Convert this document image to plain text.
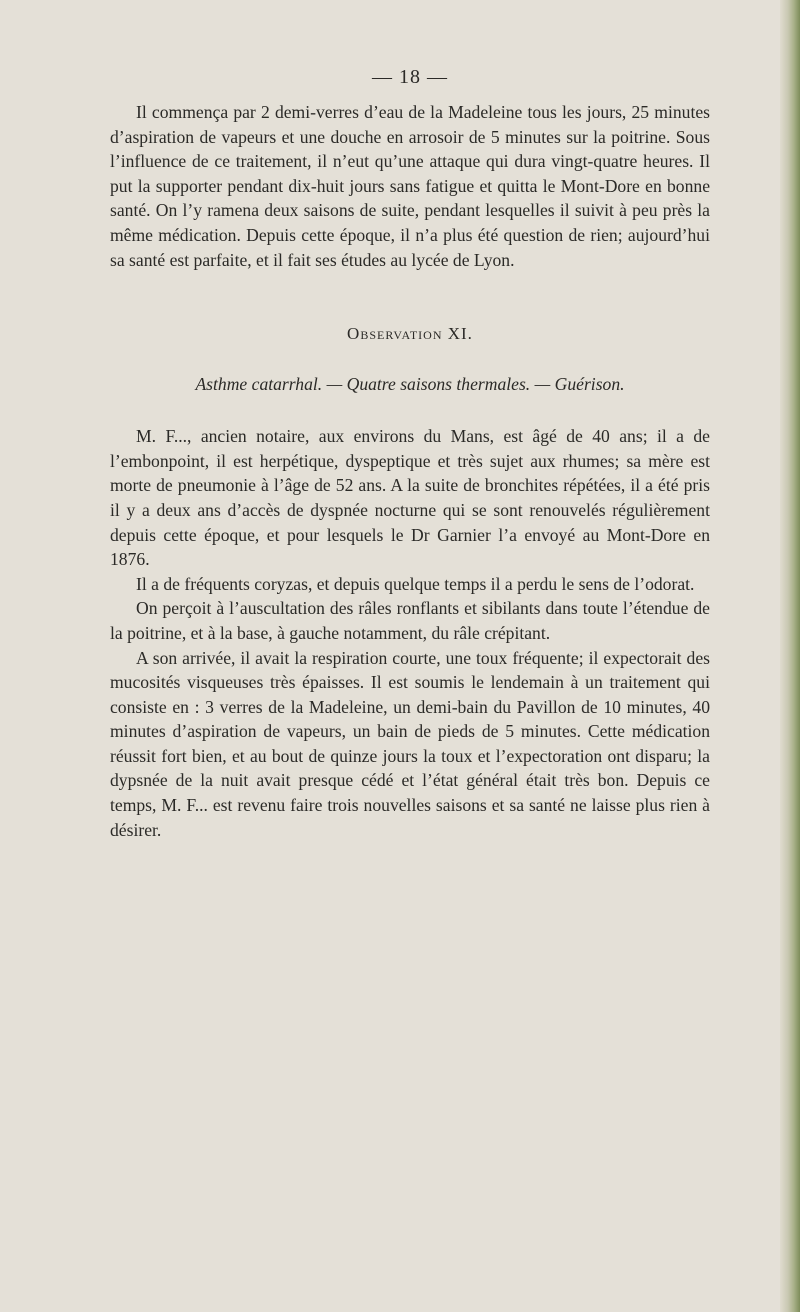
— 18 —

Il commença par 2 demi-verres d’eau de la Madeleine tous les jours, 25 minutes d’aspiration de vapeurs et une douche en arrosoir de 5 minutes sur la poitrine. Sous l’influence de ce traitement, il n’eut qu’une attaque qui dura vingt-quatre heures. Il put la supporter pendant dix-huit jours sans fatigue et quitta le Mont-Dore en bonne santé. On l’y ramena deux saisons de suite, pendant lesquelles il suivit à peu près la même médication. Depuis cette époque, il n’a plus été question de rien; aujourd’hui sa santé est parfaite, et il fait ses études au lycée de Lyon.

Observation XI.
Asthme catarrhal. — Quatre saisons thermales. — Guérison.

M. F..., ancien notaire, aux environs du Mans, est âgé de 40 ans; il a de l’embonpoint, il est herpétique, dyspeptique et très sujet aux rhumes; sa mère est morte de pneumonie à l’âge de 52 ans. A la suite de bronchites répétées, il a été pris il y a deux ans d’accès de dyspnée nocturne qui se sont renouvelés régulièrement depuis cette époque, et pour lesquels le Dr Garnier l’a envoyé au Mont-Dore en 1876.

Il a de fréquents coryzas, et depuis quelque temps il a perdu le sens de l’odorat.

On perçoit à l’auscultation des râles ronflants et sibilants dans toute l’étendue de la poitrine, et à la base, à gauche notamment, du râle crépitant.

A son arrivée, il avait la respiration courte, une toux fréquente; il expectorait des mucosités visqueuses très épaisses. Il est soumis le lendemain à un traitement qui consiste en : 3 verres de la Madeleine, un demi-bain du Pavillon de 10 minutes, 40 minutes d’aspiration de vapeurs, un bain de pieds de 5 minutes. Cette médication réussit fort bien, et au bout de quinze jours la toux et l’expectoration ont disparu; la dypsnée de la nuit avait presque cédé et l’état général était très bon. Depuis ce temps, M. F... est revenu faire trois nouvelles saisons et sa santé ne laisse plus rien à désirer.
